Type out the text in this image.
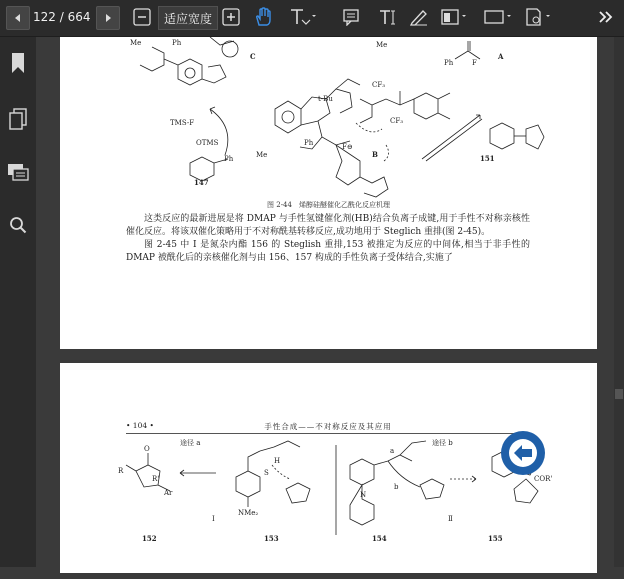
122 / 664	适应宽度
Me	Ph
C
Me
Ph	F
A
TMS-F
OTMS
Ph
147
t-Bu
CF₃
CF₃
Me
Ph	F⊖
B	151
图 2-44　烯醇硅醚催化乙酰化反应机理

这类反应的最新进展是将 DMAP 与手性氢键催化剂(HB)结合负离子成键,用于手性不对称亲核性催化反应。将该双催化策略用于不对称酰基转移反应,成功地用于 Steglich 重排(图 2-45)。

图 2-45 中 Ⅰ 是氮杂内酯 156 的 Steglish 重排,153 被推定为反应的中间体,相当于非手性的 DMAP 被酰化后的亲核催化剂与由 156、157 构成的手性负离子受体结合,实施了

• 104 •	手性合成——不对称反应及其应用

途径 a	途径 b
O
R
R'
Ar
Ⅰ
S
H
NMe₂
a
b
N
Ⅱ
COR'
152	153	154	155
